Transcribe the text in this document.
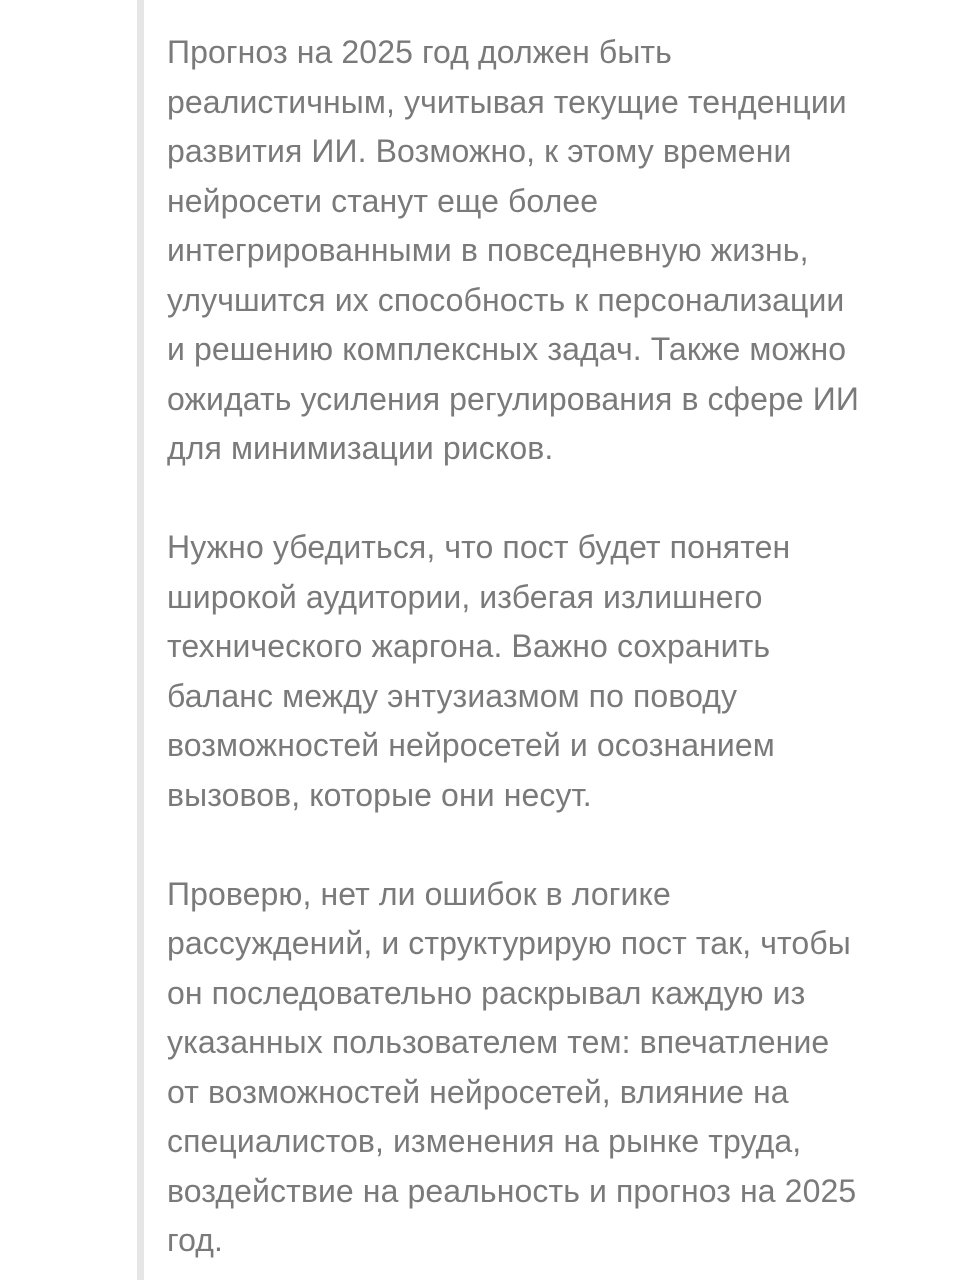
Прогноз на 2025 год должен быть
реалистичным, учитывая текущие тенденции
развития ИИ. Возможно, к этому времени
нейросети станут еще более
интегрированными в повседневную жизнь,
улучшится их способность к персонализации
и решению комплексных задач. Также можно
ожидать усиления регулирования в сфере ИИ
для минимизации рисков.

Нужно убедиться, что пост будет понятен
широкой аудитории, избегая излишнего
технического жаргона. Важно сохранить
баланс между энтузиазмом по поводу
возможностей нейросетей и осознанием
вызовов, которые они несут.

Проверю, нет ли ошибок в логике
рассуждений, и структурирую пост так, чтобы
он последовательно раскрывал каждую из
указанных пользователем тем: впечатление
от возможностей нейросетей, влияние на
специалистов, изменения на рынке труда,
воздействие на реальность и прогноз на 2025
год.
